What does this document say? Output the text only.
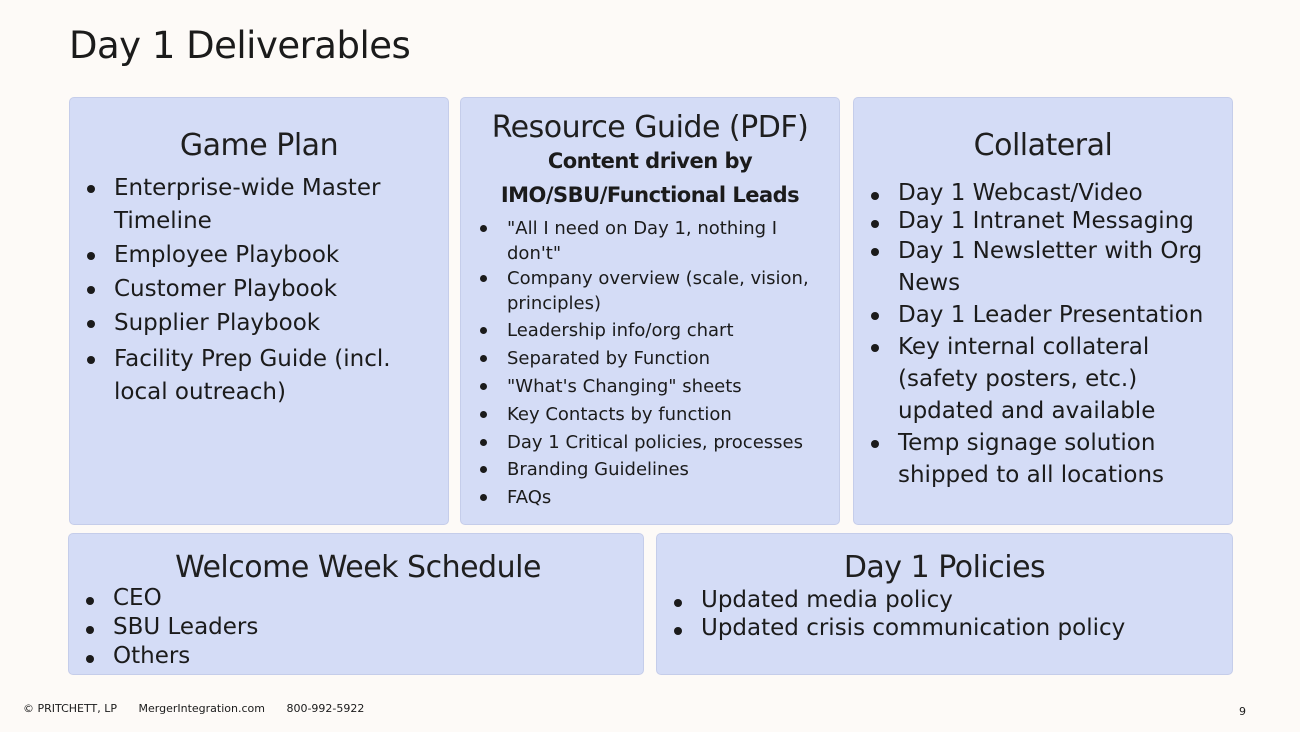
Day 1 Deliverables
Game Plan
Enterprise-wide Master Timeline
Employee Playbook
Customer Playbook
Supplier Playbook
Facility Prep Guide (incl. local outreach)
Resource Guide (PDF)
Content driven by
IMO/SBU/Functional Leads
"All I need on Day 1, nothing I don't"
Company overview (scale, vision, principles)
Leadership info/org chart
Separated by Function
"What's Changing" sheets
Key Contacts by function
Day 1 Critical policies, processes
Branding Guidelines
FAQs
Collateral
Day 1 Webcast/Video
Day 1 Intranet Messaging
Day 1 Newsletter with Org News
Day 1 Leader Presentation
Key internal collateral (safety posters, etc.) updated and available
Temp signage solution shipped to all locations
Welcome Week Schedule
CEO
SBU Leaders
Others
Day 1 Policies
Updated media policy
Updated crisis communication policy
© PRITCHETT, LP MergerIntegration.com 800-992-5922	9
